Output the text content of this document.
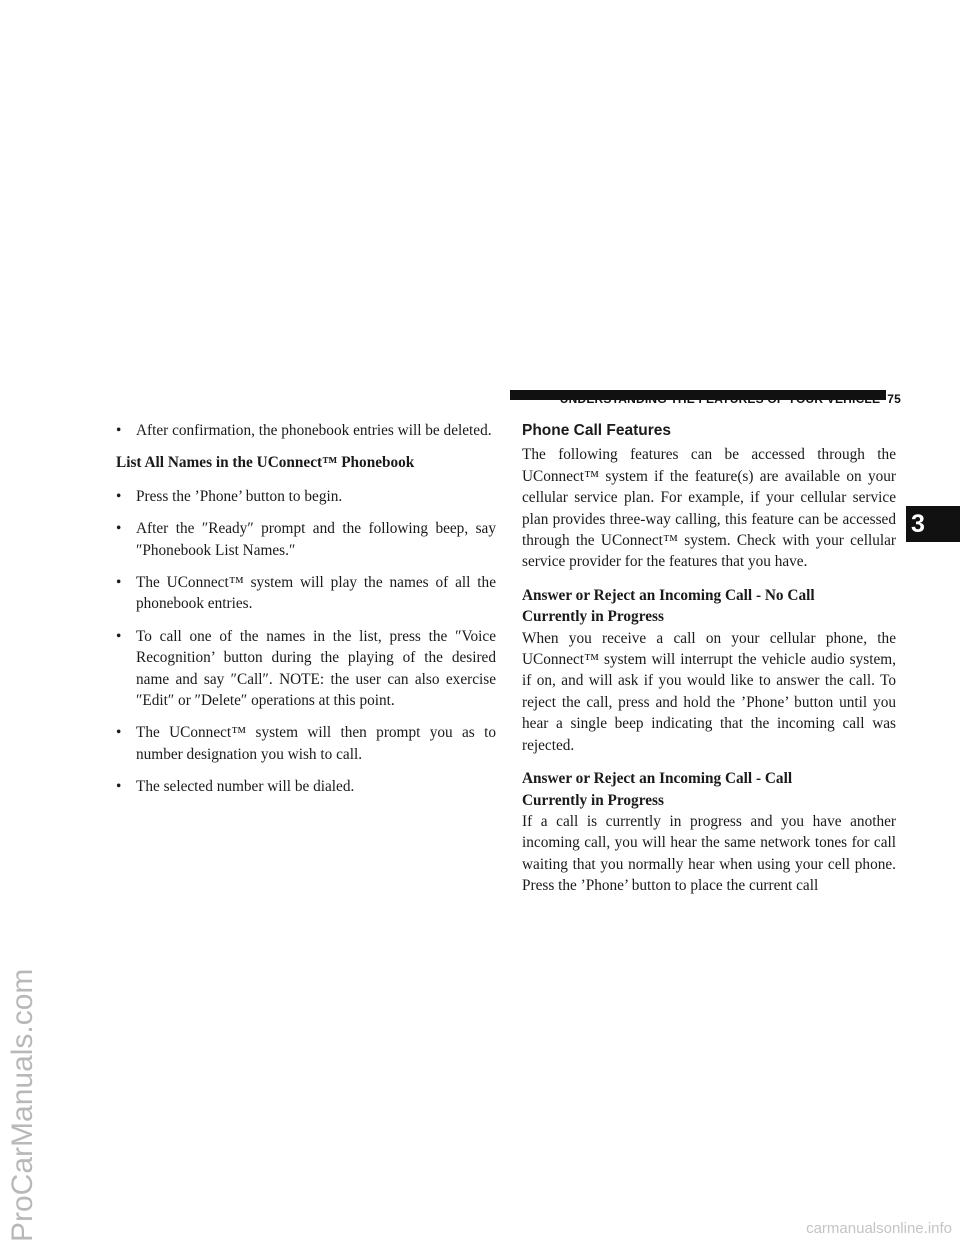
UNDERSTANDING THE FEATURES OF YOUR VEHICLE 75
3
• After confirmation, the phonebook entries will be deleted.
List All Names in the UConnect™ Phonebook
• Press the ’Phone’ button to begin.
• After the ″Ready″ prompt and the following beep, say ″Phonebook List Names.″
• The UConnect™ system will play the names of all the phonebook entries.
• To call one of the names in the list, press the ″Voice Recognition’ button during the playing of the desired name and say ″Call″. NOTE: the user can also exercise ″Edit″ or ″Delete″ operations at this point.
• The UConnect™ system will then prompt you as to number designation you wish to call.
• The selected number will be dialed.
Phone Call Features
The following features can be accessed through the UConnect™ system if the feature(s) are available on your cellular service plan. For example, if your cellular service plan provides three-way calling, this feature can be accessed through the UConnect™ system. Check with your cellular service provider for the features that you have.
Answer or Reject an Incoming Call - No Call
Currently in Progress
When you receive a call on your cellular phone, the UConnect™ system will interrupt the vehicle audio system, if on, and will ask if you would like to answer the call. To reject the call, press and hold the ’Phone’ button until you hear a single beep indicating that the incoming call was rejected.
Answer or Reject an Incoming Call - Call
Currently in Progress
If a call is currently in progress and you have another incoming call, you will hear the same network tones for call waiting that you normally hear when using your cell phone. Press the ’Phone’ button to place the current call
ProCarManuals.com	carmanualsonline.info
